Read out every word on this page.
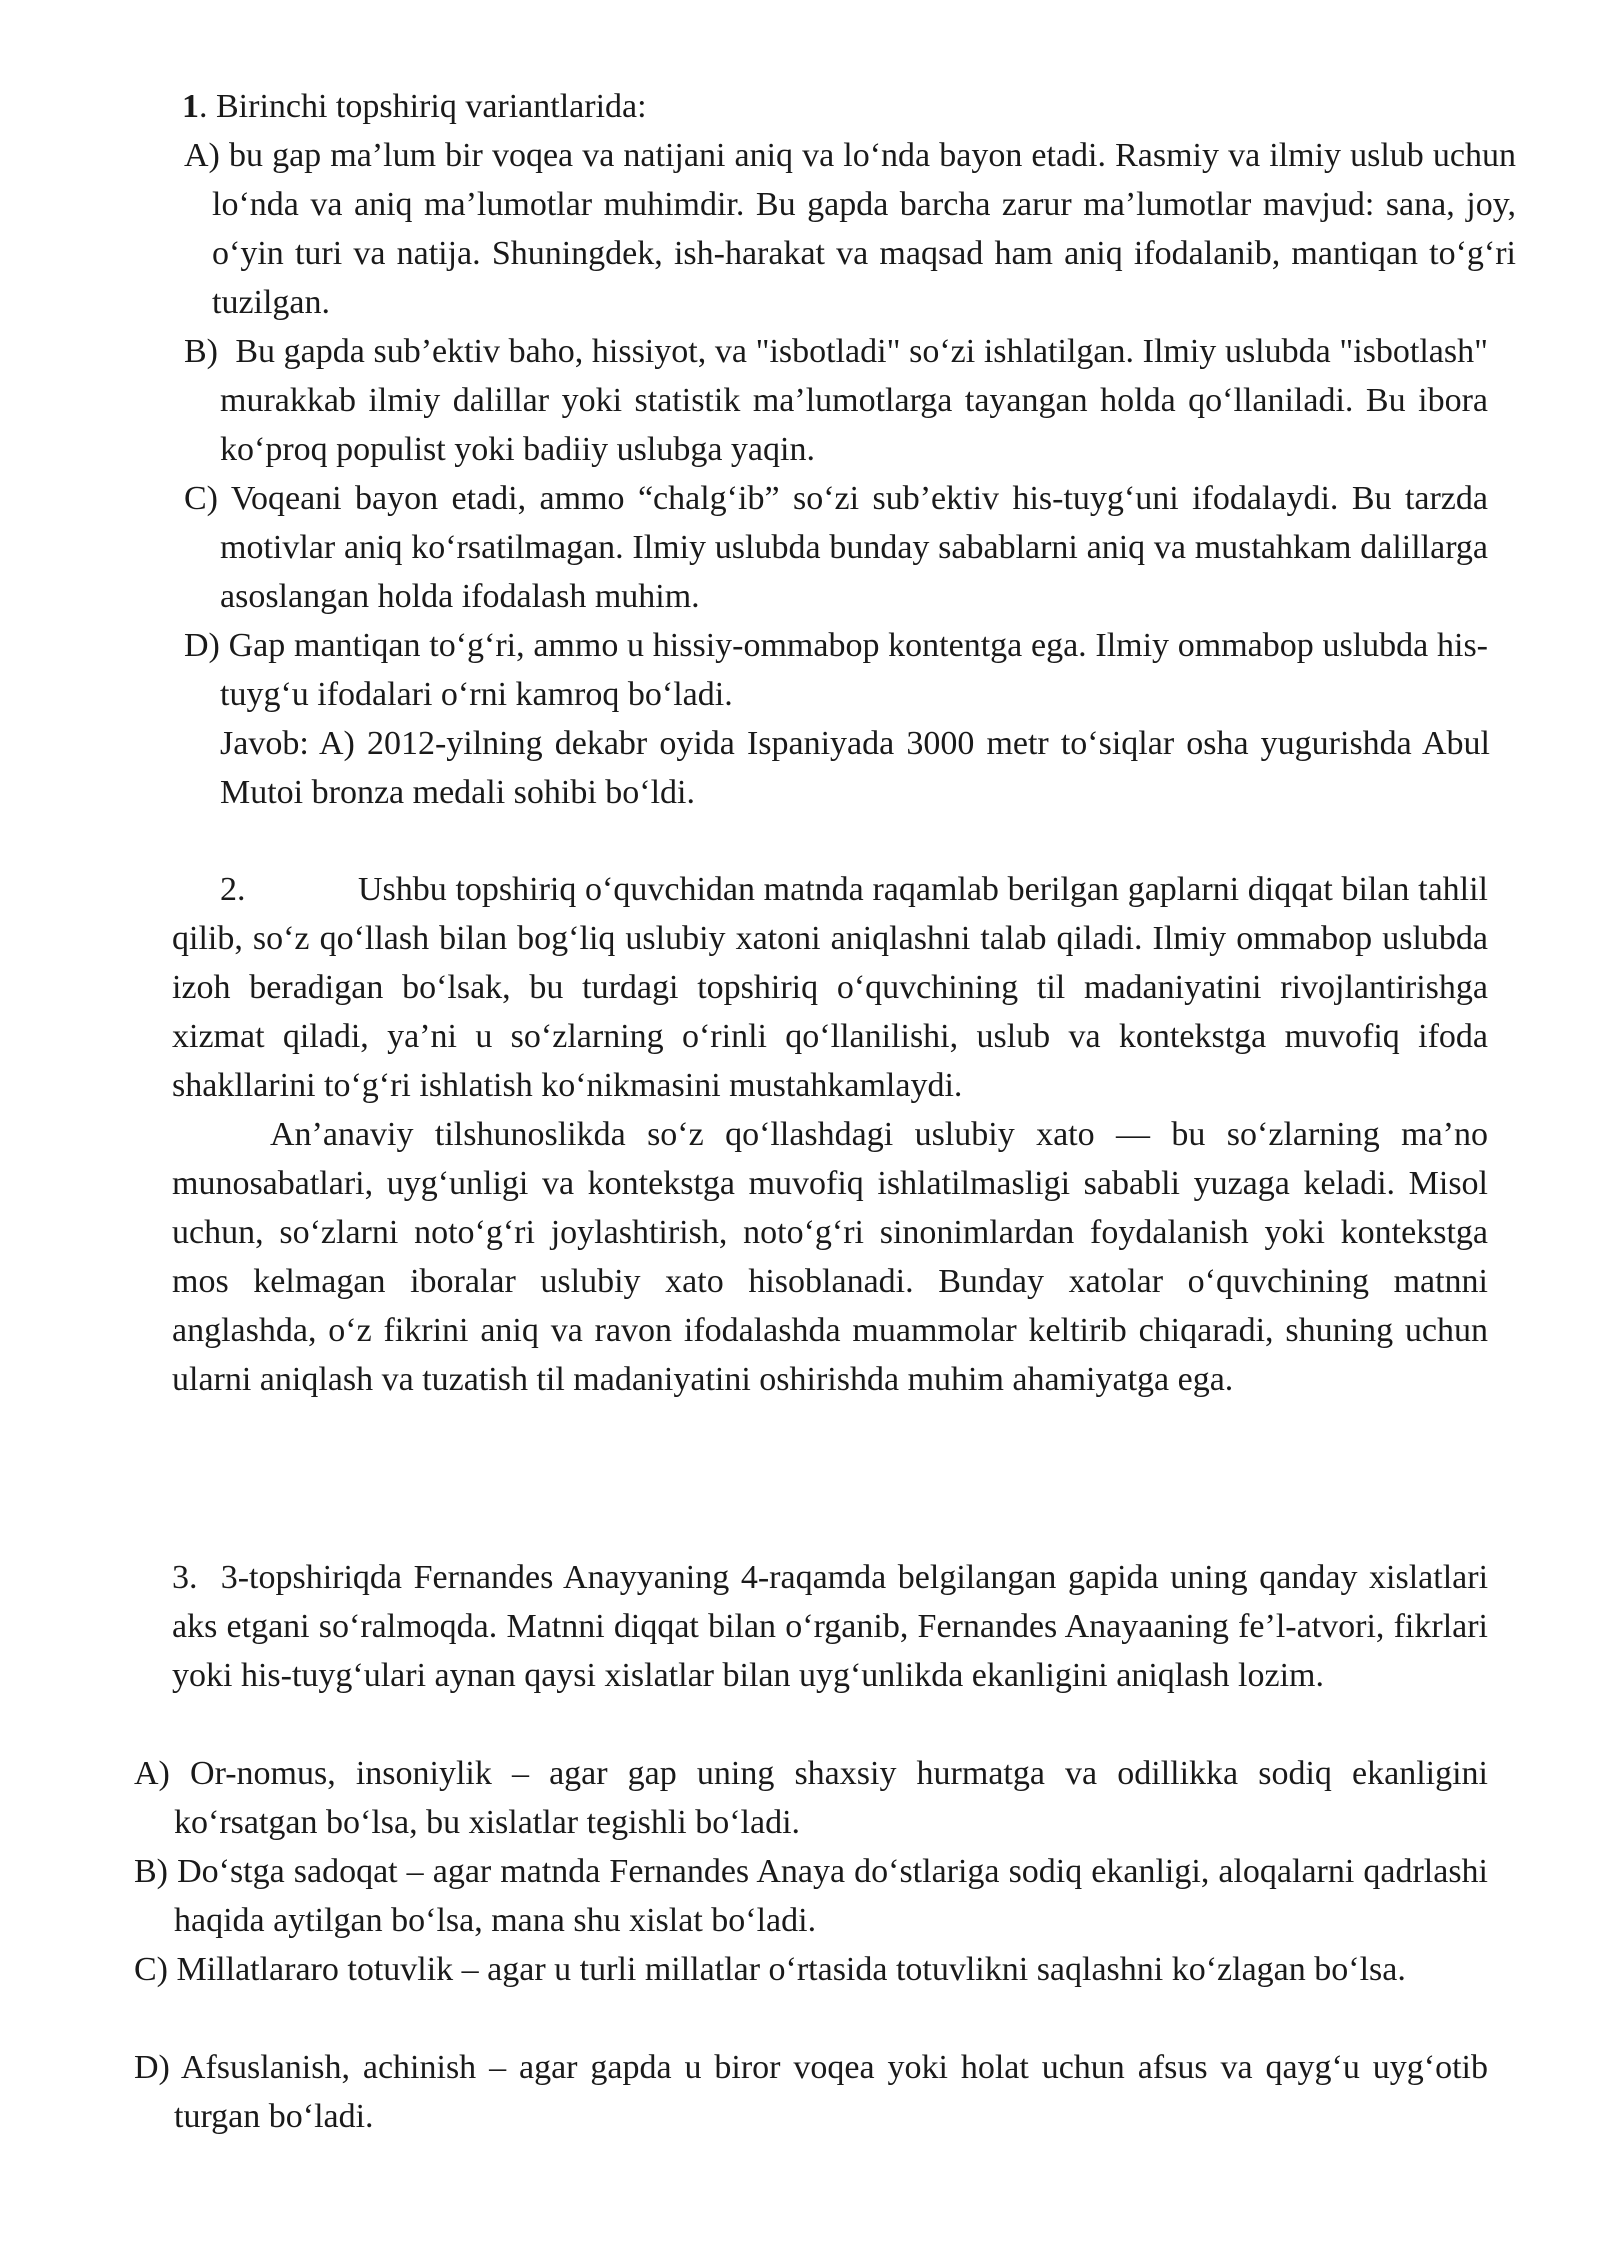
1. Birinchi topshiriq variantlarida:

A) bu gap ma’lum bir voqea va natijani aniq va lo‘nda bayon etadi. Rasmiy va ilmiy uslub uchun lo‘nda va aniq ma’lumotlar muhimdir. Bu gapda barcha zarur ma’lumotlar mavjud: sana, joy, o‘yin turi va natija. Shuningdek, ish-harakat va maqsad ham aniq ifodalanib, mantiqan to‘g‘ri tuzilgan.

B) Bu gapda sub’ektiv baho, hissiyot, va "isbotladi" so‘zi ishlatilgan. Ilmiy uslubda "isbotlash" murakkab ilmiy dalillar yoki statistik ma’lumotlarga tayangan holda qo‘llaniladi. Bu ibora ko‘proq populist yoki badiiy uslubga yaqin.

C) Voqeani bayon etadi, ammo “chalg‘ib” so‘zi sub’ektiv his-tuyg‘uni ifodalaydi. Bu tarzda motivlar aniq ko‘rsatilmagan. Ilmiy uslubda bunday sabablarni aniq va mustahkam dalillarga asoslangan holda ifodalash muhim.

D) Gap mantiqan to‘g‘ri, ammo u hissiy-ommabop kontentga ega. Ilmiy ommabop uslubda his-tuyg‘u ifodalari o‘rni kamroq bo‘ladi.

Javob: A) 2012-yilning dekabr oyida Ispaniyada 3000 metr to‘siqlar osha yugurishda Abul Mutoi bronza medali sohibi bo‘ldi.

2.	Ushbu topshiriq o‘quvchidan matnda raqamlab berilgan gaplarni diqqat bilan tahlil qilib, so‘z qo‘llash bilan bog‘liq uslubiy xatoni aniqlashni talab qiladi. Ilmiy ommabop uslubda izoh beradigan bo‘lsak, bu turdagi topshiriq o‘quvchining til madaniyatini rivojlantirishga xizmat qiladi, ya’ni u so‘zlarning o‘rinli qo‘llanilishi, uslub va kontekstga muvofiq ifoda shakllarini to‘g‘ri ishlatish ko‘nikmasini mustahkamlaydi.

An’anaviy tilshunoslikda so‘z qo‘llashdagi uslubiy xato — bu so‘zlarning ma’no munosabatlari, uyg‘unligi va kontekstga muvofiq ishlatilmasligi sababli yuzaga keladi. Misol uchun, so‘zlarni noto‘g‘ri joylashtirish, noto‘g‘ri sinonimlardan foydalanish yoki kontekstga mos kelmagan iboralar uslubiy xato hisoblanadi. Bunday xatolar o‘quvchining matnni anglashda, o‘z fikrini aniq va ravon ifodalashda muammolar keltirib chiqaradi, shuning uchun ularni aniqlash va tuzatish til madaniyatini oshirishda muhim ahamiyatga ega.

3. 3-topshiriqda Fernandes Anayyaning 4-raqamda belgilangan gapida uning qanday xislatlari aks etgani so‘ralmoqda. Matnni diqqat bilan o‘rganib, Fernandes Anayaaning fe’l-atvori, fikrlari yoki his-tuyg‘ulari aynan qaysi xislatlar bilan uyg‘unlikda ekanligini aniqlash lozim.

A) Or-nomus, insoniylik – agar gap uning shaxsiy hurmatga va odillikka sodiq ekanligini ko‘rsatgan bo‘lsa, bu xislatlar tegishli bo‘ladi.

B) Do‘stga sadoqat – agar matnda Fernandes Anaya do‘stlariga sodiq ekanligi, aloqalarni qadrlashi haqida aytilgan bo‘lsa, mana shu xislat bo‘ladi.

C) Millatlararo totuvlik – agar u turli millatlar o‘rtasida totuvlikni saqlashni ko‘zlagan bo‘lsa.

D) Afsuslanish, achinish – agar gapda u biror voqea yoki holat uchun afsus va qayg‘u uyg‘otib turgan bo‘ladi.
